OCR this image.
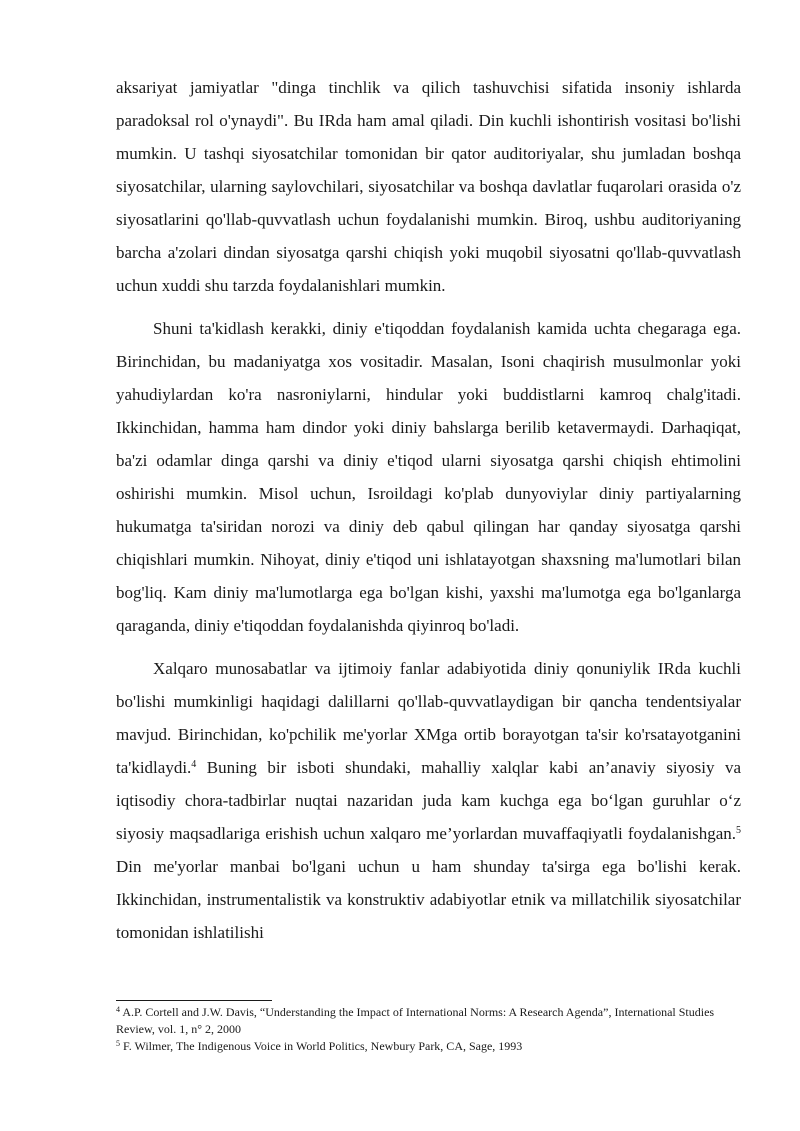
aksariyat jamiyatlar "dinga tinchlik va qilich tashuvchisi sifatida insoniy ishlarda paradoksal rol o'ynaydi". Bu IRda ham amal qiladi. Din kuchli ishontirish vositasi bo'lishi mumkin. U tashqi siyosatchilar tomonidan bir qator auditoriyalar, shu jumladan boshqa siyosatchilar, ularning saylovchilari, siyosatchilar va boshqa davlatlar fuqarolari orasida o'z siyosatlarini qo'llab-quvvatlash uchun foydalanishi mumkin. Biroq, ushbu auditoriyaning barcha a'zolari dindan siyosatga qarshi chiqish yoki muqobil siyosatni qo'llab-quvvatlash uchun xuddi shu tarzda foydalanishlari mumkin.

Shuni ta'kidlash kerakki, diniy e'tiqoddan foydalanish kamida uchta chegaraga ega. Birinchidan, bu madaniyatga xos vositadir. Masalan, Isoni chaqirish musulmonlar yoki yahudiylardan ko'ra nasroniylarni, hindular yoki buddistlarni kamroq chalg'itadi. Ikkinchidan, hamma ham dindor yoki diniy bahslarga berilib ketavermaydi. Darhaqiqat, ba'zi odamlar dinga qarshi va diniy e'tiqod ularni siyosatga qarshi chiqish ehtimolini oshirishi mumkin. Misol uchun, Isroildagi ko'plab dunyoviylar diniy partiyalarning hukumatga ta'siridan norozi va diniy deb qabul qilingan har qanday siyosatga qarshi chiqishlari mumkin. Nihoyat, diniy e'tiqod uni ishlatayotgan shaxsning ma'lumotlari bilan bog'liq. Kam diniy ma'lumotlarga ega bo'lgan kishi, yaxshi ma'lumotga ega bo'lganlarga qaraganda, diniy e'tiqoddan foydalanishda qiyinroq bo'ladi.

Xalqaro munosabatlar va ijtimoiy fanlar adabiyotida diniy qonuniylik IRda kuchli bo'lishi mumkinligi haqidagi dalillarni qo'llab-quvvatlaydigan bir qancha tendentsiyalar mavjud. Birinchidan, ko'pchilik me'yorlar XMga ortib borayotgan ta'sir ko'rsatayotganini ta'kidlaydi.$^4$ Buning bir isboti shundaki, mahalliy xalqlar kabi an’anaviy siyosiy va iqtisodiy chora-tadbirlar nuqtai nazaridan juda kam kuchga ega bo‘lgan guruhlar o‘z siyosiy maqsadlariga erishish uchun xalqaro me’yorlardan muvaffaqiyatli foydalanishgan.$^5$ Din me'yorlar manbai bo'lgani uchun u ham shunday ta'sirga ega bo'lishi kerak. Ikkinchidan, instrumentalistik va konstruktiv adabiyotlar etnik va millatchilik siyosatchilar tomonidan ishlatilishi

$^4$ A.P. Cortell and J.W. Davis, “Understanding the Impact of International Norms: A Research Agenda”, International Studies Review, vol. 1, n° 2, 2000

$^5$ F. Wilmer, The Indigenous Voice in World Politics, Newbury Park, CA, Sage, 1993
